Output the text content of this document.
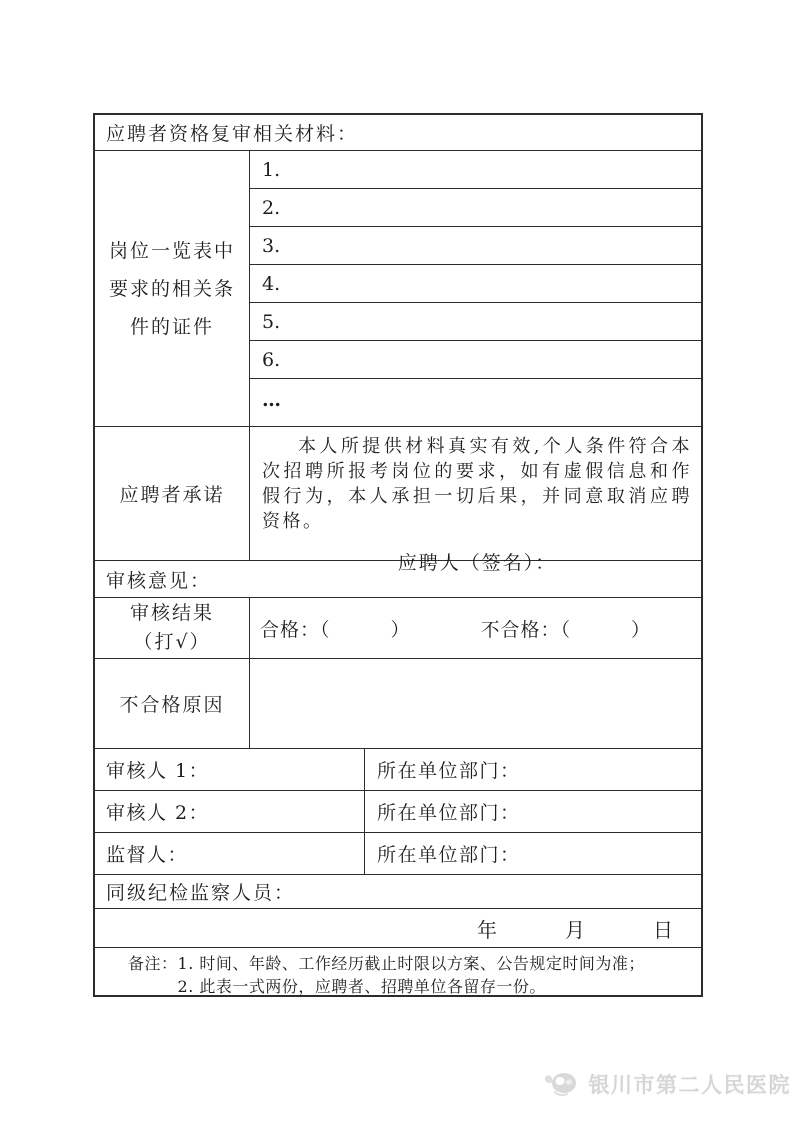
应聘者资格复审相关材料：
岗位一览表中要求的相关条件的证件
1.
2.
3.
4.
5.
6.
…
应聘者承诺
本人所提供材料真实有效,个人条件符合本次招聘所报考岗位的要求，如有虚假信息和作假行为，本人承担一切后果，并同意取消应聘资格。
应聘人（签名）：
审核意见：
审核结果
（打√）
合格：（　　　）	不合格：（　　　）
不合格原因
审核人 1：	所在单位部门：
审核人 2：	所在单位部门：
监督人：	所在单位部门：
同级纪检监察人员：
年　　　月　　　日
备注： 1. 时间、年龄、工作经历截止时限以方案、公告规定时间为准；
2. 此表一式两份，应聘者、招聘单位各留存一份。
银川市第二人民医院
